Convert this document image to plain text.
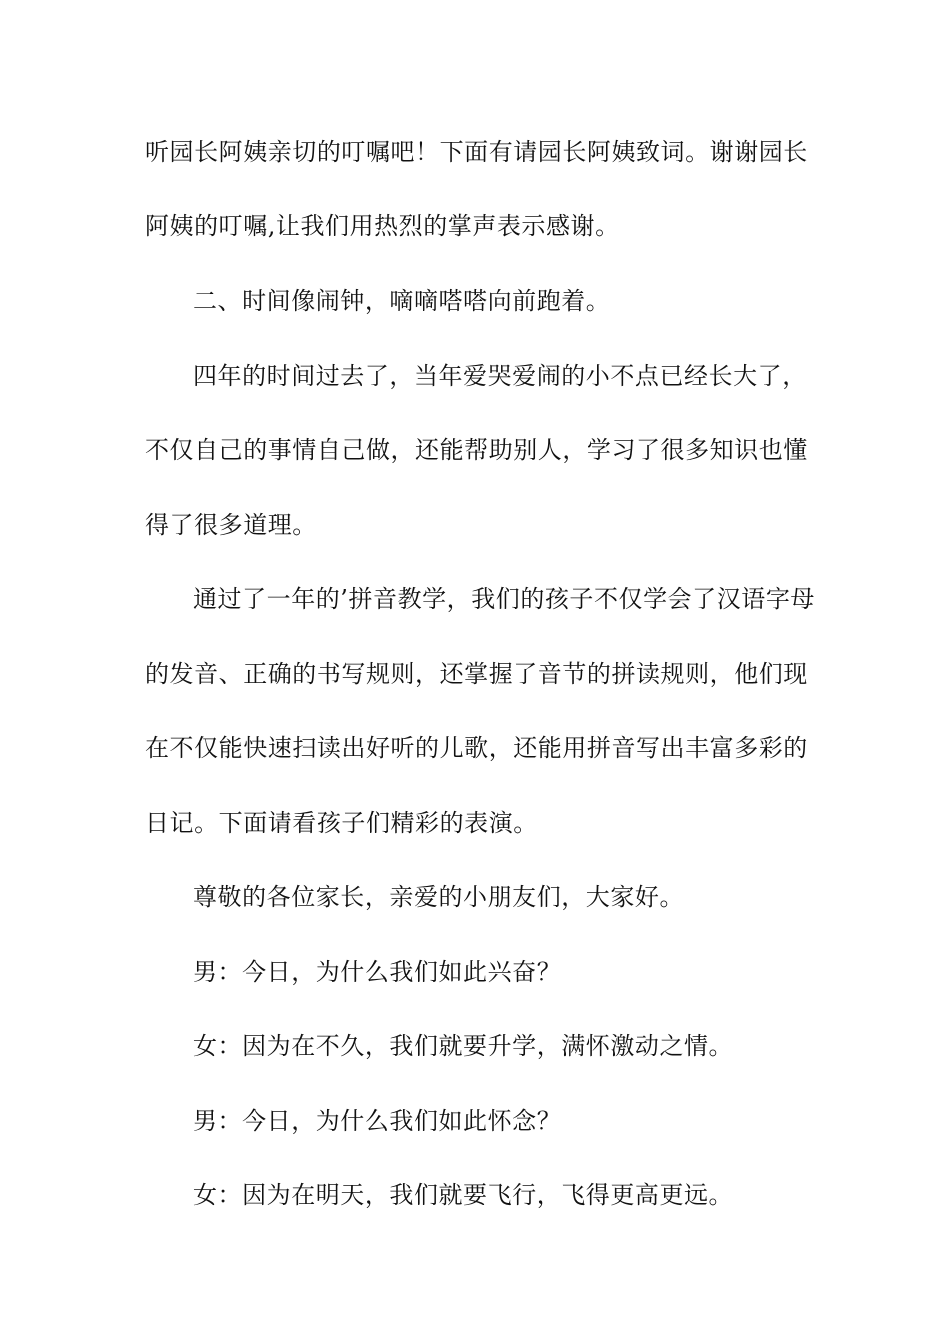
听园长阿姨亲切的叮嘱吧！下面有请园长阿姨致词。谢谢园长
阿姨的叮嘱,让我们用热烈的掌声表示感谢。
二、时间像闹钟，嘀嘀嗒嗒向前跑着。
四年的时间过去了，当年爱哭爱闹的小不点已经长大了，
不仅自己的事情自己做，还能帮助别人，学习了很多知识也懂
得了很多道理。
通过了一年的’拼音教学，我们的孩子不仅学会了汉语字母
的发音、正确的书写规则，还掌握了音节的拼读规则，他们现
在不仅能快速扫读出好听的儿歌，还能用拼音写出丰富多彩的
日记。下面请看孩子们精彩的表演。
尊敬的各位家长，亲爱的小朋友们，大家好。
男：今日，为什么我们如此兴奋？
女：因为在不久，我们就要升学，满怀激动之情。
男：今日，为什么我们如此怀念？
女：因为在明天，我们就要飞行，飞得更高更远。
